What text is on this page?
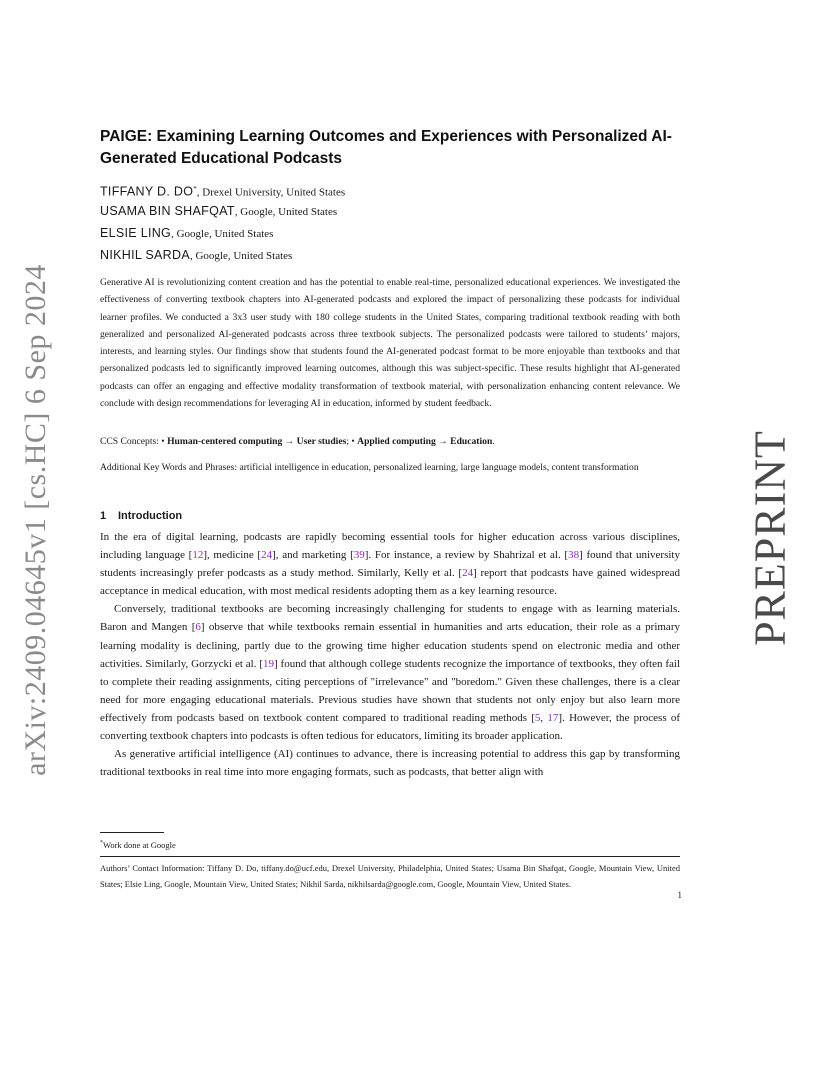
arXiv:2409.04645v1 [cs.HC] 6 Sep 2024	PREPRINT
PAIGE: Examining Learning Outcomes and Experiences with Personalized AI-Generated Educational Podcasts
TIFFANY D. DO*, Drexel University, United States
USAMA BIN SHAFQAT, Google, United States
ELSIE LING, Google, United States
NIKHIL SARDA, Google, United States

Generative AI is revolutionizing content creation and has the potential to enable real-time, personalized educational experiences. We investigated the effectiveness of converting textbook chapters into AI-generated podcasts and explored the impact of personalizing these podcasts for individual learner profiles. We conducted a 3x3 user study with 180 college students in the United States, comparing traditional textbook reading with both generalized and personalized AI-generated podcasts across three textbook subjects. The personalized podcasts were tailored to students’ majors, interests, and learning styles. Our findings show that students found the AI-generated podcast format to be more enjoyable than textbooks and that personalized podcasts led to significantly improved learning outcomes, although this was subject-specific. These results highlight that AI-generated podcasts can offer an engaging and effective modality transformation of textbook material, with personalization enhancing content relevance. We conclude with design recommendations for leveraging AI in education, informed by student feedback.

CCS Concepts: • Human-centered computing → User studies; • Applied computing → Education.
Additional Key Words and Phrases: artificial intelligence in education, personalized learning, large language models, content transformation
1 Introduction

In the era of digital learning, podcasts are rapidly becoming essential tools for higher education across various disciplines, including language [12], medicine [24], and marketing [39]. For instance, a review by Shahrizal et al. [38] found that university students increasingly prefer podcasts as a study method. Similarly, Kelly et al. [24] report that podcasts have gained widespread acceptance in medical education, with most medical residents adopting them as a key learning resource.

Conversely, traditional textbooks are becoming increasingly challenging for students to engage with as learning materials. Baron and Mangen [6] observe that while textbooks remain essential in humanities and arts education, their role as a primary learning modality is declining, partly due to the growing time higher education students spend on electronic media and other activities. Similarly, Gorzycki et al. [19] found that although college students recognize the importance of textbooks, they often fail to complete their reading assignments, citing perceptions of "irrelevance" and "boredom." Given these challenges, there is a clear need for more engaging educational materials. Previous studies have shown that students not only enjoy but also learn more effectively from podcasts based on textbook content compared to traditional reading methods [5, 17]. However, the process of converting textbook chapters into podcasts is often tedious for educators, limiting its broader application.

As generative artificial intelligence (AI) continues to advance, there is increasing potential to address this gap by transforming traditional textbooks in real time into more engaging formats, such as podcasts, that better align with

*Work done at Google
Authors’ Contact Information: Tiffany D. Do, tiffany.do@ucf.edu, Drexel University, Philadelphia, United States; Usama Bin Shafqat, Google, Mountain View, United States; Elsie Ling, Google, Mountain View, United States; Nikhil Sarda, nikhilsarda@google.com, Google, Mountain View, United States.
1
